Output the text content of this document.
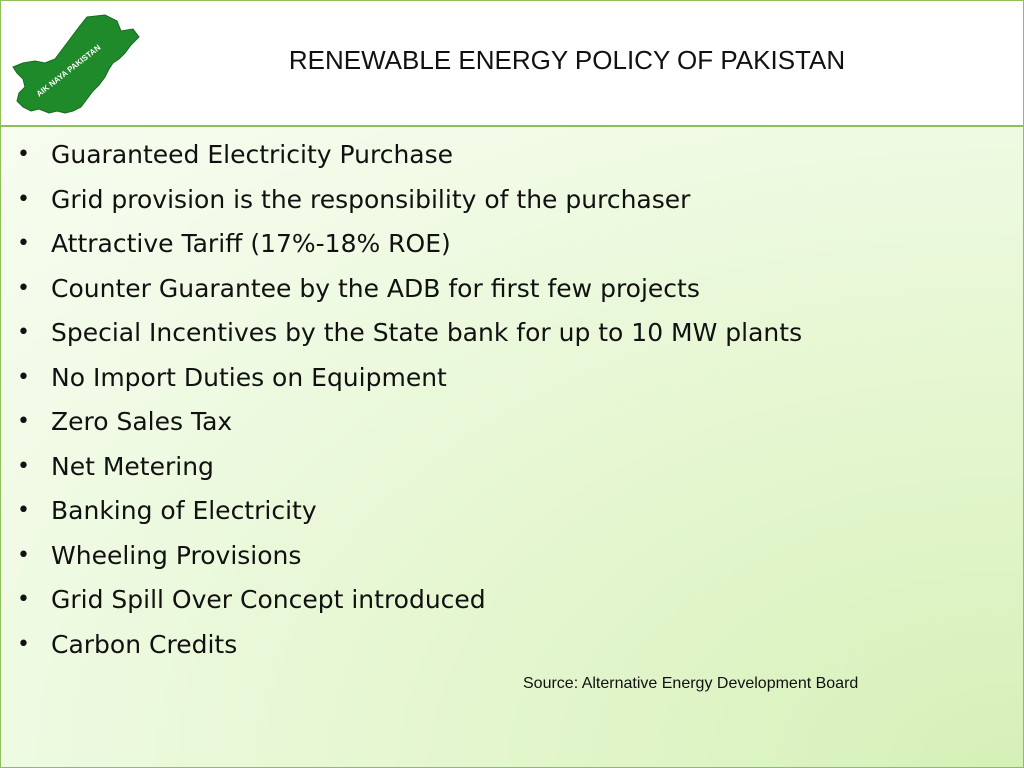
AIK NAYA PAKISTAN	RENEWABLE ENERGY POLICY OF PAKISTAN
• Guaranteed Electricity Purchase
• Grid provision is the responsibility of the purchaser
• Attractive Tariff (17%-18% ROE)
• Counter Guarantee by the ADB for first few projects
• Special Incentives by the State bank for up to 10 MW plants
• No Import Duties on Equipment
• Zero Sales Tax
• Net Metering
• Banking of Electricity
• Wheeling Provisions
• Grid Spill Over Concept introduced
• Carbon Credits
Source: Alternative Energy Development Board
